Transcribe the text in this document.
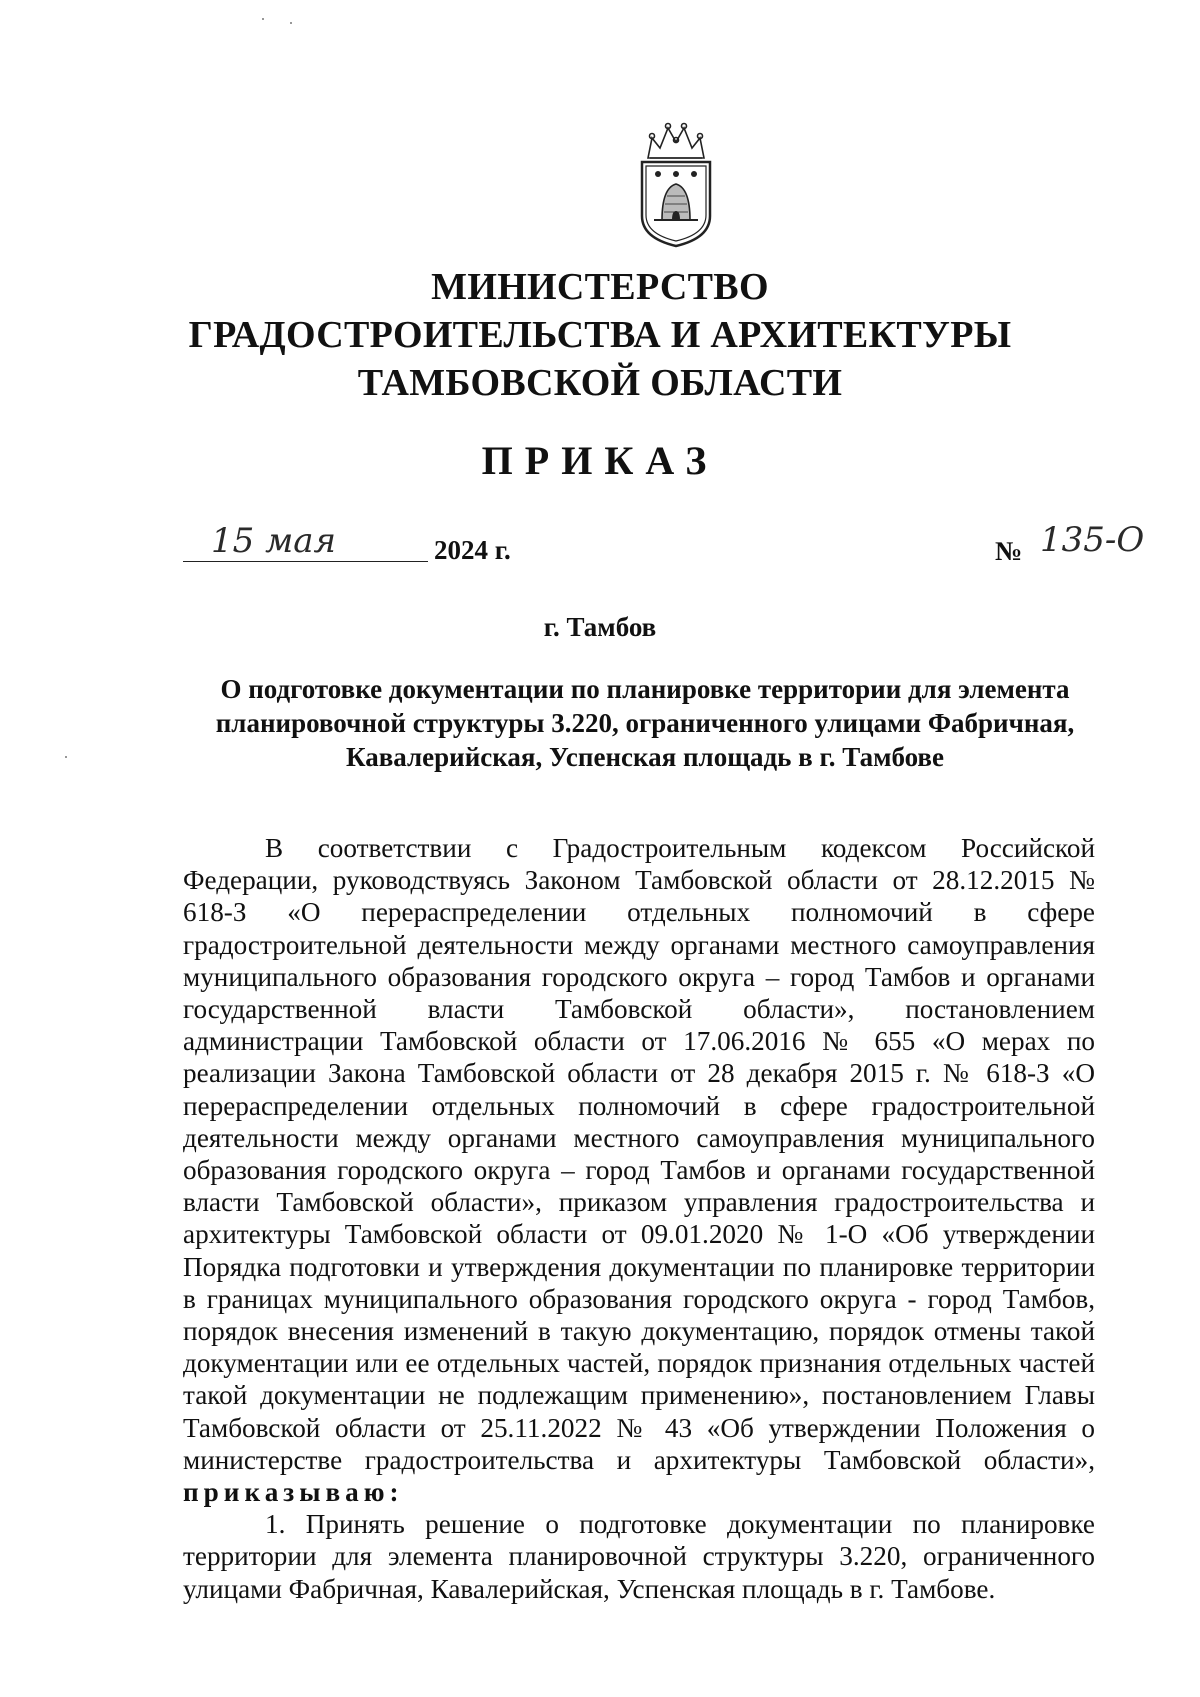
МИНИСТЕРСТВО
ГРАДОСТРОИТЕЛЬСТВА И АРХИТЕКТУРЫ
ТАМБОВСКОЙ ОБЛАСТИ
ПРИКАЗ
15 мая	2024 г.	№ 135-О
г. Тамбов
О подготовке документации по планировке территории для элемента
планировочной структуры 3.220, ограниченного улицами Фабричная,
Кавалерийская, Успенская площадь в г. Тамбове

В соответствии с Градостроительным кодексом Российской Федерации, руководствуясь Законом Тамбовской области от 28.12.2015 № 618-З «О перераспределении отдельных полномочий в сфере градостроительной деятельности между органами местного самоуправления муниципального образования городского округа – город Тамбов и органами государственной власти Тамбовской области», постановлением администрации Тамбовской области от 17.06.2016 № 655 «О мерах по реализации Закона Тамбовской области от 28 декабря 2015 г. № 618-З «О перераспределении отдельных полномочий в сфере градостроительной деятельности между органами местного самоуправления муниципального образования городского округа – город Тамбов и органами государственной власти Тамбовской области», приказом управления градостроительства и архитектуры Тамбовской области от 09.01.2020 № 1-О «Об утверждении Порядка подготовки и утверждения документации по планировке территории в границах муниципального образования городского округа - город Тамбов, порядок внесения изменений в такую документацию, порядок отмены такой документации или ее отдельных частей, порядок признания отдельных частей такой документации не подлежащим применению», постановлением Главы Тамбовской области от 25.11.2022 № 43 «Об утверждении Положения о министерстве градостроительства и архитектуры Тамбовской области», приказываю:

1. Принять решение о подготовке документации по планировке территории для элемента планировочной структуры 3.220, ограниченного улицами Фабричная, Кавалерийская, Успенская площадь в г. Тамбове.
